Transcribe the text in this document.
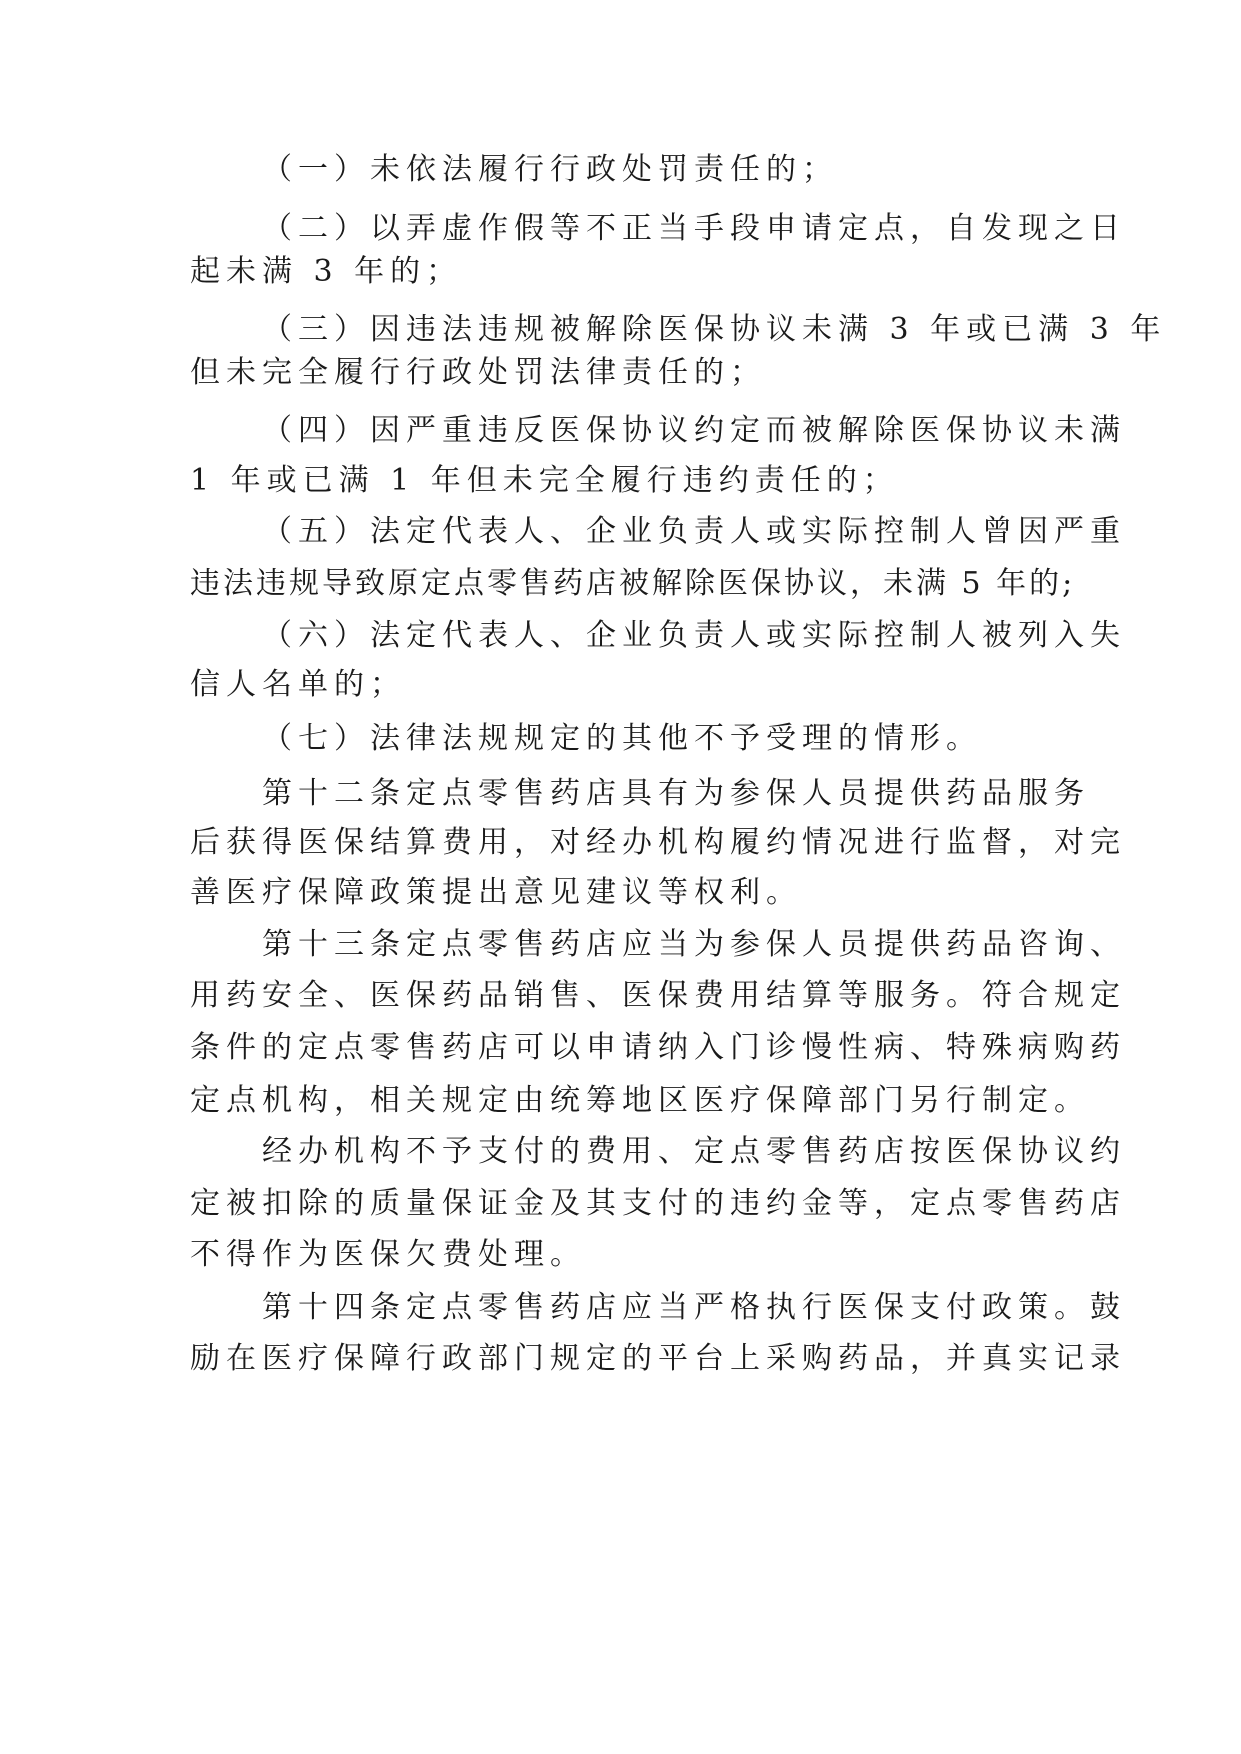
（一）未依法履行行政处罚责任的；
（二）以弄虚作假等不正当手段申请定点，自发现之日
起未满 3 年的；
（三）因违法违规被解除医保协议未满 3 年或已满 3 年
但未完全履行行政处罚法律责任的；
（四）因严重违反医保协议约定而被解除医保协议未满
1 年或已满 1 年但未完全履行违约责任的；
（五）法定代表人、企业负责人或实际控制人曾因严重
违法违规导致原定点零售药店被解除医保协议，未满 5 年的;
（六）法定代表人、企业负责人或实际控制人被列入失
信人名单的；
（七）法律法规规定的其他不予受理的情形。
第十二条定点零售药店具有为参保人员提供药品服务
后获得医保结算费用，对经办机构履约情况进行监督，对完
善医疗保障政策提出意见建议等权利。
第十三条定点零售药店应当为参保人员提供药品咨询、
用药安全、医保药品销售、医保费用结算等服务。符合规定
条件的定点零售药店可以申请纳入门诊慢性病、特殊病购药
定点机构，相关规定由统筹地区医疗保障部门另行制定。
经办机构不予支付的费用、定点零售药店按医保协议约
定被扣除的质量保证金及其支付的违约金等，定点零售药店
不得作为医保欠费处理。
第十四条定点零售药店应当严格执行医保支付政策。鼓
励在医疗保障行政部门规定的平台上采购药品，并真实记录
